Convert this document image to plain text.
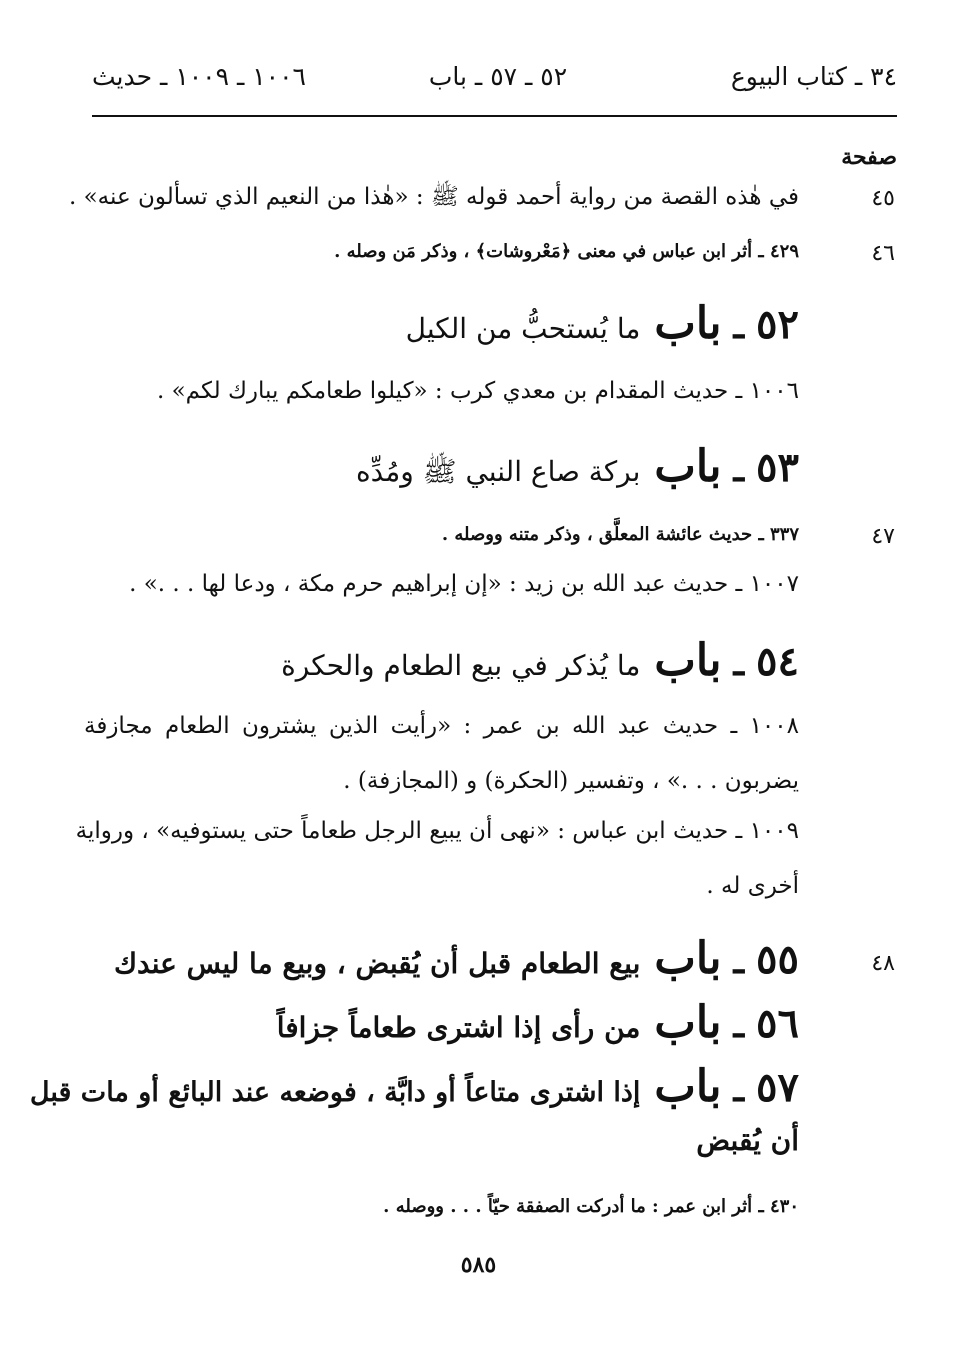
٣٤ ـ كتاب البيوع
٥٢ ـ ٥٧ ـ باب
١٠٠٦ ـ ١٠٠٩ ـ حديث
صفحة
٤٥
في هٰذه القصة من رواية أحمد قوله ﷺ : «هٰذا من النعيم الذي تسألون عنه» .
٤٦
٤٢٩ ـ أثر ابن عباس في معنى ﴿مَعْروشات﴾ ، وذكر مَن وصله .
٥٢
ـ
باب
ما يُستحبُّ من الكيل
١٠٠٦ ـ حديث المقدام بن معدي كرب : «كيلوا طعامكم يبارك لكم» .
٥٣
ـ
باب
بركة صاع النبي ﷺ ومُدِّه
٤٧
٣٣٧ ـ حديث عائشة المعلَّق ، وذكر متنه ووصله .
١٠٠٧ ـ حديث عبد الله بن زيد : «إن إبراهيم حرم مكة ، ودعا لها . . .» .
٥٤
ـ
باب
ما يُذكر في بيع الطعام والحكرة
١٠٠٨ ـ حديث عبد الله بن عمر : «رأيت الذين يشترون الطعام مجازفة
يضربون . . .» ، وتفسير (الحكرة) و (المجازفة) .
١٠٠٩ ـ حديث ابن عباس : «نهى أن يبيع الرجل طعاماً حتى يستوفيه» ، ورواية
أخرى له .
٤٨
٥٥
ـ
باب
بيع الطعام قبل أن يُقبض ، وبيع ما ليس عندك
٥٦
ـ
باب
من رأى إذا اشترى طعاماً جزافاً
٥٧
ـ
باب
إذا اشترى متاعاً أو دابَّة ، فوضعه عند البائع أو مات قبل
أن يُقبض
٤٣٠ ـ أثر ابن عمر : ما أدركت الصفقة حيّاً . . . ووصله .
٥٨٥
